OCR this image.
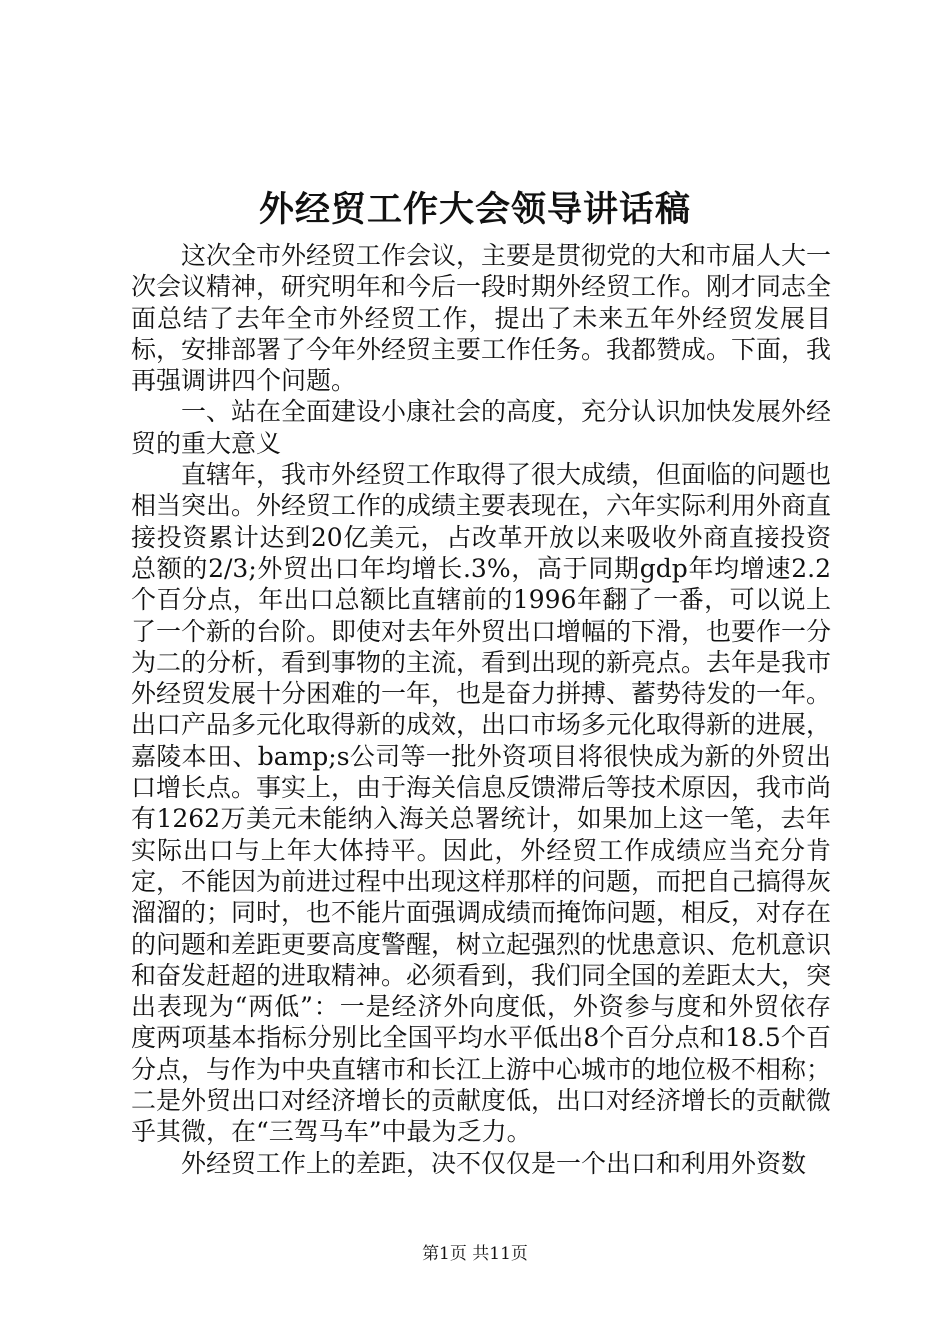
外经贸工作大会领导讲话稿

这次全市外经贸工作会议，主要是贯彻党的大和市届人大一次会议精神，研究明年和今后一段时期外经贸工作。刚才同志全面总结了去年全市外经贸工作，提出了未来五年外经贸发展目标，安排部署了今年外经贸主要工作任务。我都赞成。下面，我再强调讲四个问题。

一、站在全面建设小康社会的高度，充分认识加快发展外经贸的重大意义

直辖年，我市外经贸工作取得了很大成绩，但面临的问题也相当突出。外经贸工作的成绩主要表现在，六年实际利用外商直接投资累计达到20亿美元，占改革开放以来吸收外商直接投资总额的2/3;外贸出口年均增长.3%，高于同期gdp年均增速2.2个百分点，年出口总额比直辖前的1996年翻了一番，可以说上了一个新的台阶。即使对去年外贸出口增幅的下滑，也要作一分为二的分析，看到事物的主流，看到出现的新亮点。去年是我市外经贸发展十分困难的一年，也是奋力拼搏、蓄势待发的一年。出口产品多元化取得新的成效，出口市场多元化取得新的进展，嘉陵本田、bamp;s公司等一批外资项目将很快成为新的外贸出口增长点。事实上，由于海关信息反馈滞后等技术原因，我市尚有1262万美元未能纳入海关总署统计，如果加上这一笔，去年实际出口与上年大体持平。因此，外经贸工作成绩应当充分肯定，不能因为前进过程中出现这样那样的问题，而把自己搞得灰溜溜的；同时，也不能片面强调成绩而掩饰问题，相反，对存在的问题和差距更要高度警醒，树立起强烈的忧患意识、危机意识和奋发赶超的进取精神。必须看到，我们同全国的差距太大，突出表现为“两低”：一是经济外向度低，外资参与度和外贸依存度两项基本指标分别比全国平均水平低出8个百分点和18.5个百分点，与作为中央直辖市和长江上游中心城市的地位极不相称；二是外贸出口对经济增长的贡献度低，出口对经济增长的贡献微乎其微，在“三驾马车”中最为乏力。

外经贸工作上的差距，决不仅仅是一个出口和利用外资数

第1页 共11页
